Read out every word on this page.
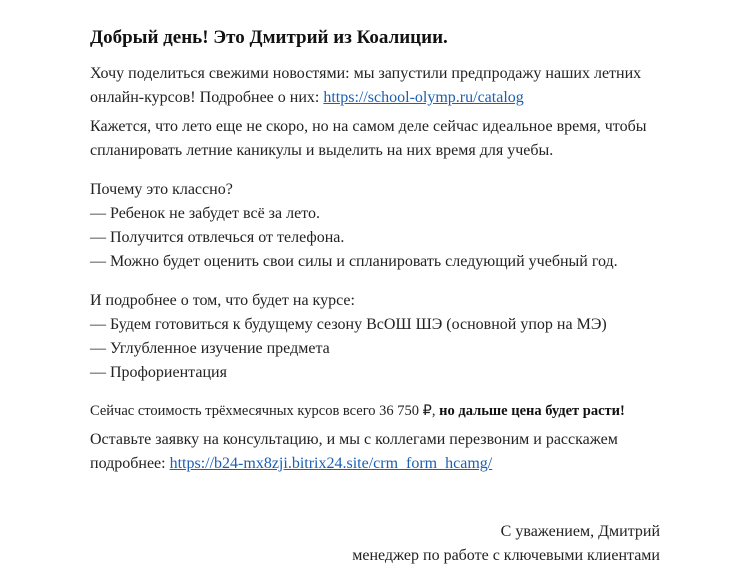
Добрый день! Это Дмитрий из Коалиции.

Хочу поделиться свежими новостями: мы запустили предпродажу наших летних
онлайн-курсов! Подробнее о них: https://school-olymp.ru/catalog

Кажется, что лето еще не скоро, но на самом деле сейчас идеальное время, чтобы
спланировать летние каникулы и выделить на них время для учебы.

Почему это классно?
— Ребенок не забудет всё за лето.
— Получится отвлечься от телефона.
— Можно будет оценить свои силы и спланировать следующий учебный год.
И подробнее о том, что будет на курсе:
— Будем готовиться к будущему сезону ВсОШ ШЭ (основной упор на МЭ)
— Углубленное изучение предмета
— Профориентация

Сейчас стоимость трёхмесячных курсов всего 36 750 ₽, но дальше цена будет расти!

Оставьте заявку на консультацию, и мы с коллегами перезвоним и расскажем
подробнее: https://b24-mx8zji.bitrix24.site/crm_form_hcamg/

С уважением, Дмитрий
менеджер по работе с ключевыми клиентами
